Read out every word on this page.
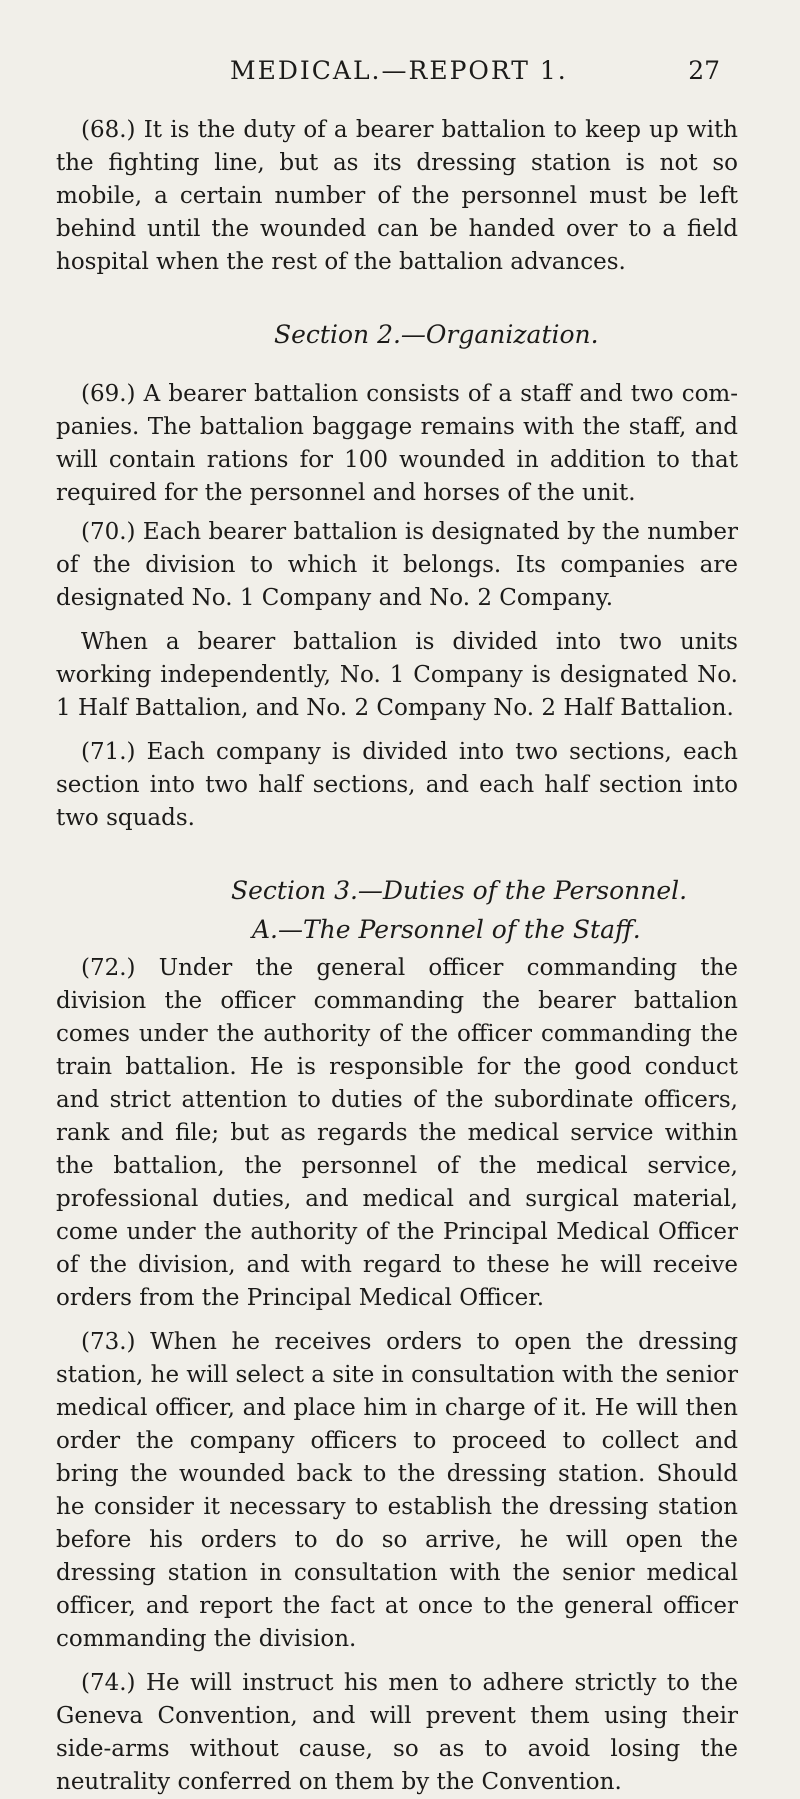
MEDICAL.—REPORT 1.	27

(68.) It is the duty of a bearer battalion to keep up with the fighting line, but as its dressing station is not so mobile, a certain number of the personnel must be left behind until the wounded can be handed over to a field hospital when the rest of the battalion advances.

Section 2.—Organization.

(69.) A bearer battalion consists of a staff and two com-panies. The battalion baggage remains with the staff, and will contain rations for 100 wounded in addition to that required for the personnel and horses of the unit.

(70.) Each bearer battalion is designated by the number of the division to which it belongs. Its companies are designated No. 1 Company and No. 2 Company.

When a bearer battalion is divided into two units working independently, No. 1 Company is designated No. 1 Half Battalion, and No. 2 Company No. 2 Half Battalion.

(71.) Each company is divided into two sections, each section into two half sections, and each half section into two squads.

Section 3.—Duties of the Personnel.

A.—The Personnel of the Staff.

(72.) Under the general officer commanding the division the officer commanding the bearer battalion comes under the authority of the officer commanding the train battalion. He is responsible for the good conduct and strict attention to duties of the subordinate officers, rank and file; but as regards the medical service within the battalion, the personnel of the medical service, professional duties, and medical and surgical material, come under the authority of the Principal Medical Officer of the division, and with regard to these he will receive orders from the Principal Medical Officer.

(73.) When he receives orders to open the dressing station, he will select a site in consultation with the senior medical officer, and place him in charge of it. He will then order the company officers to proceed to collect and bring the wounded back to the dressing station. Should he consider it necessary to establish the dressing station before his orders to do so arrive, he will open the dressing station in consultation with the senior medical officer, and report the fact at once to the general officer commanding the division.

(74.) He will instruct his men to adhere strictly to the Geneva Convention, and will prevent them using their side-arms without cause, so as to avoid losing the neutrality conferred on them by the Convention.
